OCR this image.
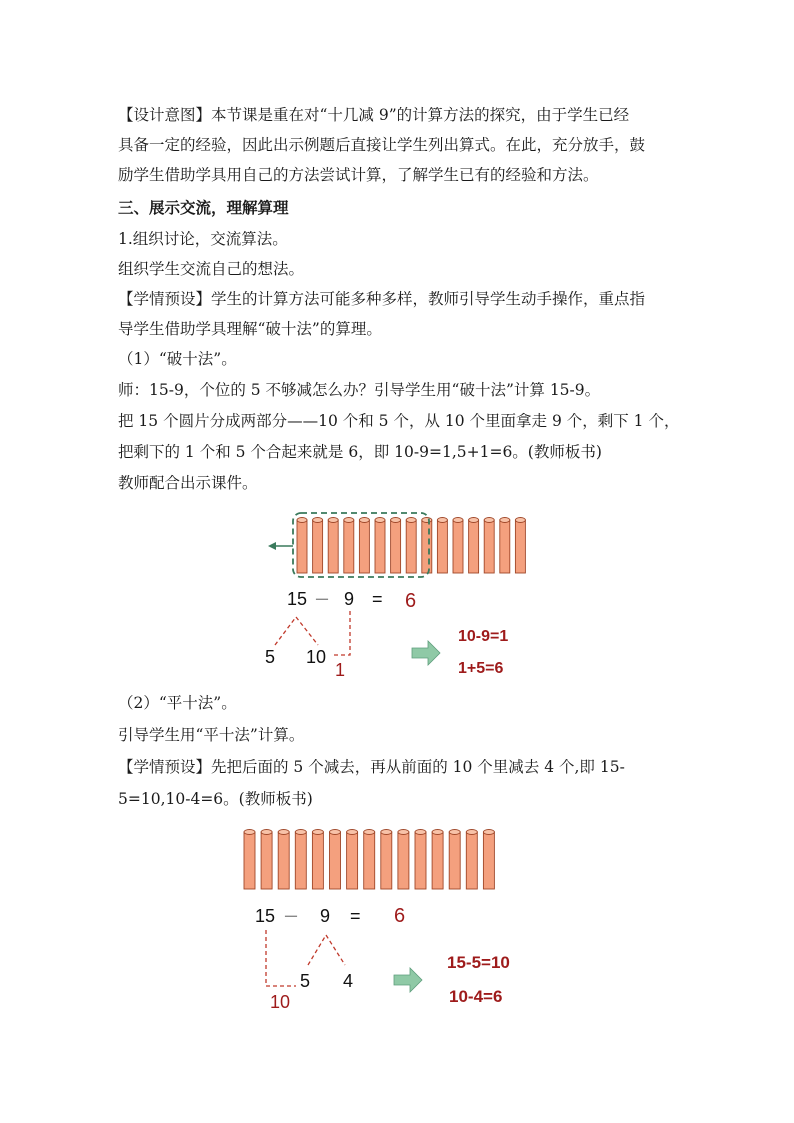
【设计意图】本节课是重在对“十几减 9”的计算方法的探究，由于学生已经
具备一定的经验，因此出示例题后直接让学生列出算式。在此，充分放手，鼓
励学生借助学具用自己的方法尝试计算，了解学生已有的经验和方法。
三、展示交流，理解算理
1.组织讨论，交流算法。
组织学生交流自己的想法。
【学情预设】学生的计算方法可能多种多样，教师引导学生动手操作，重点指
导学生借助学具理解“破十法”的算理。
（1）“破十法”。
师：15-9，个位的 5 不够减怎么办？引导学生用“破十法”计算 15-9。
把 15 个圆片分成两部分——10 个和 5 个，从 10 个里面拿走 9 个，剩下 1 个，
把剩下的 1 个和 5 个合起来就是 6，即 10-9=1,5+1=6。(教师板书)
教师配合出示课件。
15 － 9 = 6
5 10
1
10-9=1
1+5=6
（2）“平十法”。
引导学生用“平十法”计算。
【学情预设】先把后面的 5 个减去，再从前面的 10 个里减去 4 个,即 15-
5=10,10-4=6。(教师板书)
15 － 9 = 6
5 4
10
15-5=10
10-4=6
